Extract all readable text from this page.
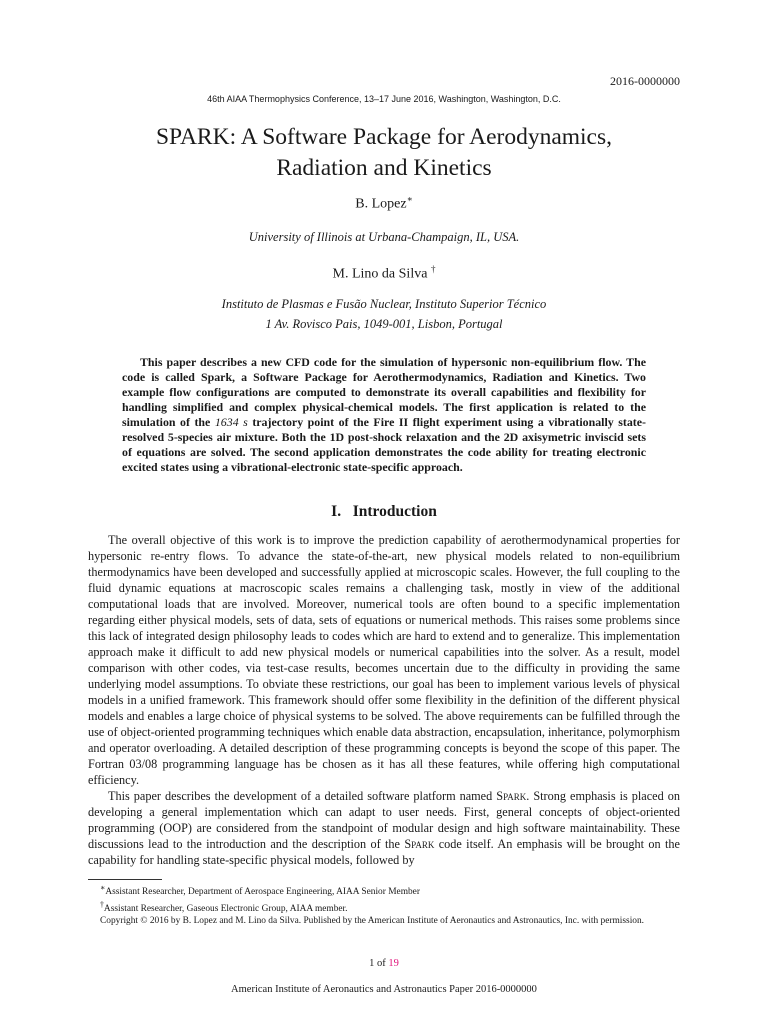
2016-0000000
46th AIAA Thermophysics Conference, 13–17 June 2016, Washington, Washington, D.C.
SPARK: A Software Package for Aerodynamics,
Radiation and Kinetics
B. Lopez∗
University of Illinois at Urbana-Champaign, IL, USA.
M. Lino da Silva †
Instituto de Plasmas e Fusão Nuclear, Instituto Superior Técnico
1 Av. Rovisco Pais, 1049-001, Lisbon, Portugal
This paper describes a new CFD code for the simulation of hypersonic non-equilibrium flow. The code is called Spark, a Software Package for Aerothermodynamics, Radiation and Kinetics. Two example flow configurations are computed to demonstrate its overall capabilities and flexibility for handling simplified and complex physical-chemical models. The first application is related to the simulation of the 1634 s trajectory point of the Fire II flight experiment using a vibrationally state-resolved 5-species air mixture. Both the 1D post-shock relaxation and the 2D axisymetric inviscid sets of equations are solved. The second application demonstrates the code ability for treating electronic excited states using a vibrational-electronic state-specific approach.
I. Introduction

The overall objective of this work is to improve the prediction capability of aerothermodynamical properties for hypersonic re-entry flows. To advance the state-of-the-art, new physical models related to non-equilibrium thermodynamics have been developed and successfully applied at microscopic scales. However, the full coupling to the fluid dynamic equations at macroscopic scales remains a challenging task, mostly in view of the additional computational loads that are involved. Moreover, numerical tools are often bound to a specific implementation regarding either physical models, sets of data, sets of equations or numerical methods. This raises some problems since this lack of integrated design philosophy leads to codes which are hard to extend and to generalize. This implementation approach make it difficult to add new physical models or numerical capabilities into the solver. As a result, model comparison with other codes, via test-case results, becomes uncertain due to the difficulty in providing the same underlying model assumptions. To obviate these restrictions, our goal has been to implement various levels of physical models in a unified framework. This framework should offer some flexibility in the definition of the different physical models and enables a large choice of physical systems to be solved. The above requirements can be fulfilled through the use of object-oriented programming techniques which enable data abstraction, encapsulation, inheritance, polymorphism and operator overloading. A detailed description of these programming concepts is beyond the scope of this paper. The Fortran 03/08 programming language has be chosen as it has all these features, while offering high computational efficiency.

This paper describes the development of a detailed software platform named Spark. Strong emphasis is placed on developing a general implementation which can adapt to user needs. First, general concepts of object-oriented programming (OOP) are considered from the standpoint of modular design and high software maintainability. These discussions lead to the introduction and the description of the Spark code itself. An emphasis will be brought on the capability for handling state-specific physical models, followed by

∗Assistant Researcher, Department of Aerospace Engineering, AIAA Senior Member

†Assistant Researcher, Gaseous Electronic Group, AIAA member.

Copyright © 2016 by B. Lopez and M. Lino da Silva. Published by the American Institute of Aeronautics and Astronautics, Inc. with permission.

1 of 19
American Institute of Aeronautics and Astronautics Paper 2016-0000000
